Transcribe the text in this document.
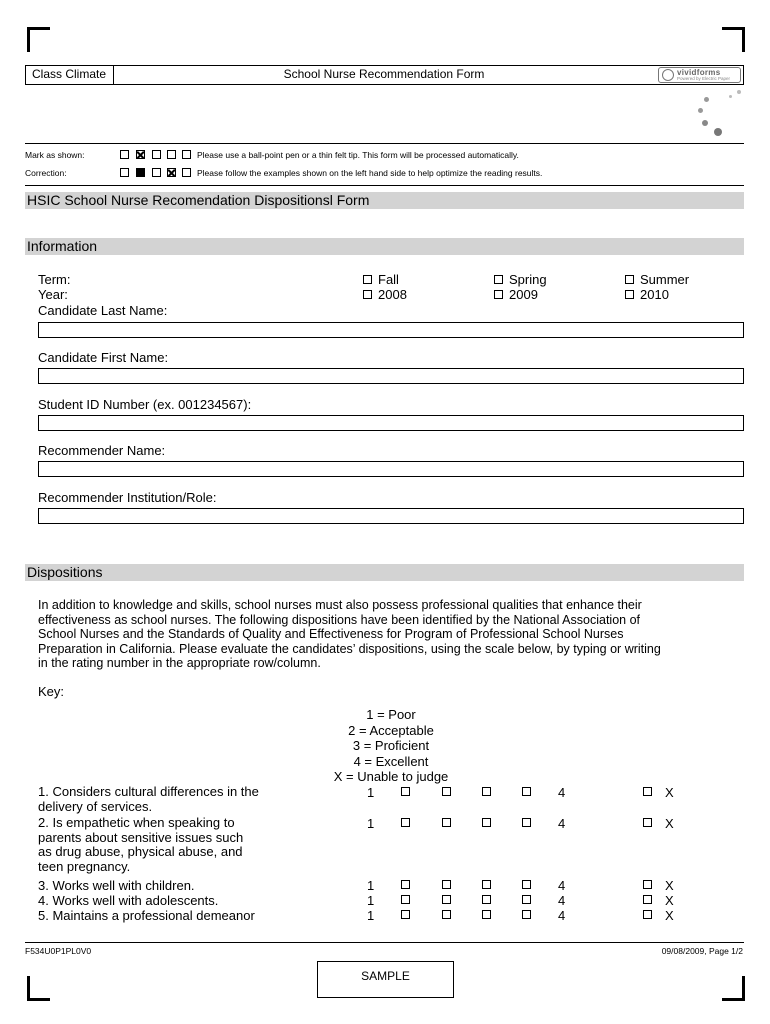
Class Climate	School Nurse Recommendation Form	vividforms
Powered by Electric Paper
Mark as shown:	Please use a ball-point pen or a thin felt tip. This form will be processed automatically.
Correction:	Please follow the examples shown on the left hand side to help optimize the reading results.
HSIC School Nurse Recomendation Dispositionsl Form
Information
Term:
Year:
Fall	Spring	Summer
2008	2009	2010
Candidate Last Name:
Candidate First Name:
Student ID Number (ex. 001234567):
Recommender Name:
Recommender Institution/Role:
Dispositions
In addition to knowledge and skills, school nurses must also possess professional qualities that enhance their
effectiveness as school nurses. The following dispositions have been identified by the National Association of
School Nurses and the Standards of Quality and Effectiveness for Program of Professional School Nurses
Preparation in California. Please evaluate the candidates’ dispositions, using the scale below, by typing or writing
in the rating number in the appropriate row/column.
Key:
1 = Poor
2 = Acceptable
3 = Proficient
4 = Excellent
X = Unable to judge
1. Considers cultural differences in the
delivery of services.
1	4	X
2. Is empathetic when speaking to
parents about sensitive issues such
as drug abuse, physical abuse, and
teen pregnancy.
1	4	X
3. Works well with children.	1	4	X
4. Works well with adolescents.	1	4	X
5. Maintains a professional demeanor	1	4	X
F534U0P1PL0V0	09/08/2009, Page 1/2
SAMPLE
